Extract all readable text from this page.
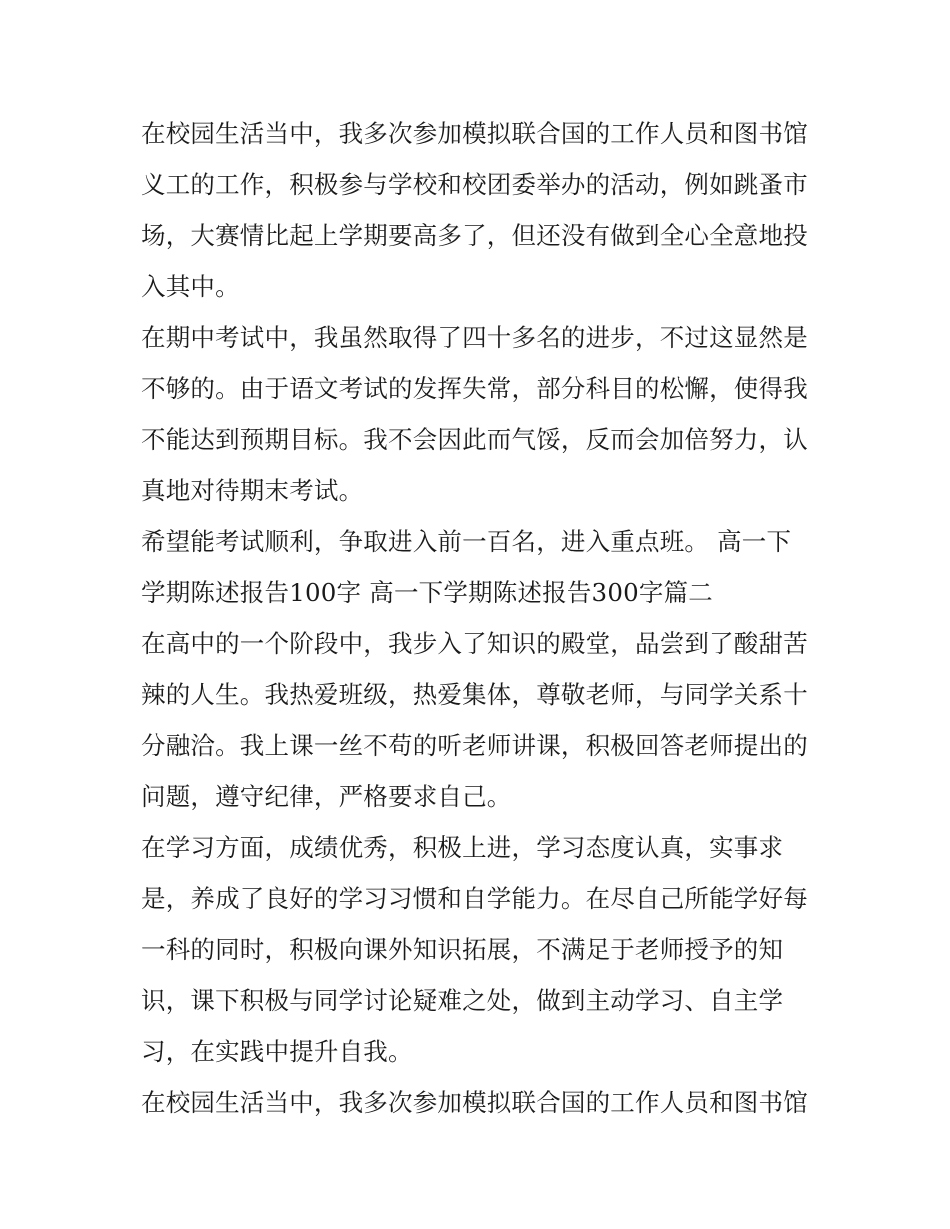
在校园生活当中，我多次参加模拟联合国的工作人员和图书馆
义工的工作，积极参与学校和校团委举办的活动，例如跳蚤市
场，大赛情比起上学期要高多了，但还没有做到全心全意地投
入其中。
在期中考试中，我虽然取得了四十多名的进步，不过这显然是
不够的。由于语文考试的发挥失常，部分科目的松懈，使得我
不能达到预期目标。我不会因此而气馁，反而会加倍努力，认
真地对待期末考试。
希望能考试顺利，争取进入前一百名，进入重点班。 高一下
学期陈述报告100字 高一下学期陈述报告300字篇二
在高中的一个阶段中，我步入了知识的殿堂，品尝到了酸甜苦
辣的人生。我热爱班级，热爱集体，尊敬老师，与同学关系十
分融洽。我上课一丝不苟的听老师讲课，积极回答老师提出的
问题，遵守纪律，严格要求自己。
在学习方面，成绩优秀，积极上进，学习态度认真，实事求
是，养成了良好的学习习惯和自学能力。在尽自己所能学好每
一科的同时，积极向课外知识拓展，不满足于老师授予的知
识，课下积极与同学讨论疑难之处，做到主动学习、自主学
习，在实践中提升自我。
在校园生活当中，我多次参加模拟联合国的工作人员和图书馆
